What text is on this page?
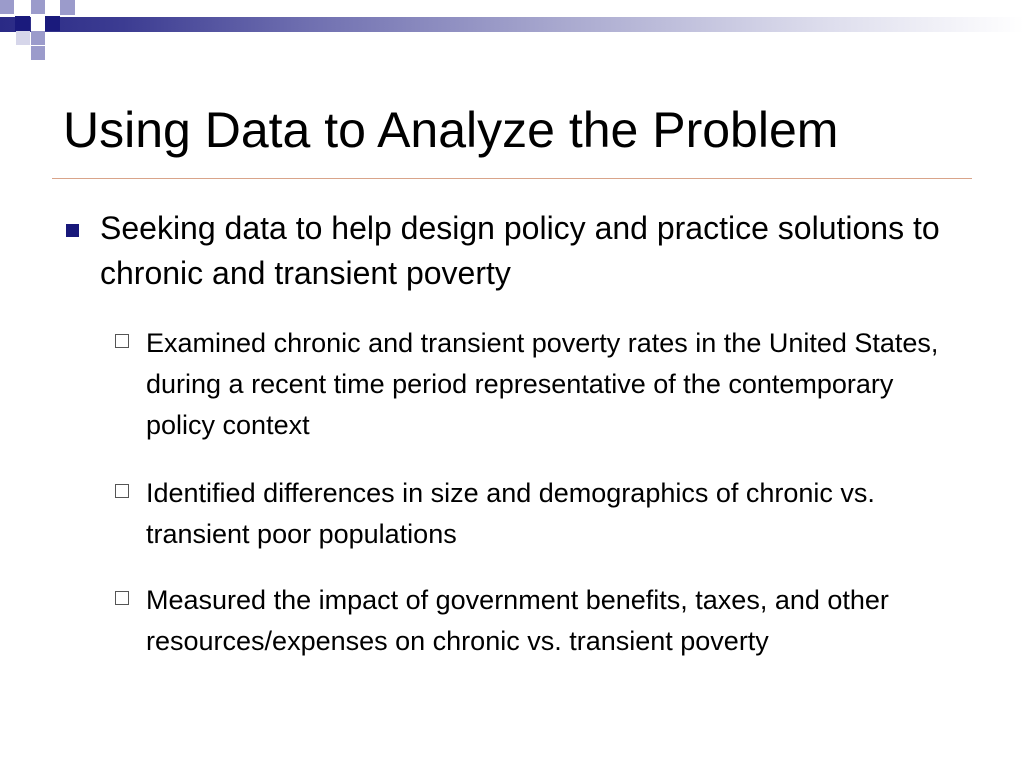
Using Data to Analyze the Problem
Seeking data to help design policy and practice solutions to chronic and transient poverty
Examined chronic and transient poverty rates in the United States, during a recent time period representative of the contemporary policy context
Identified differences in size and demographics of chronic vs. transient poor populations
Measured the impact of government benefits, taxes, and other resources/expenses on chronic vs. transient poverty
